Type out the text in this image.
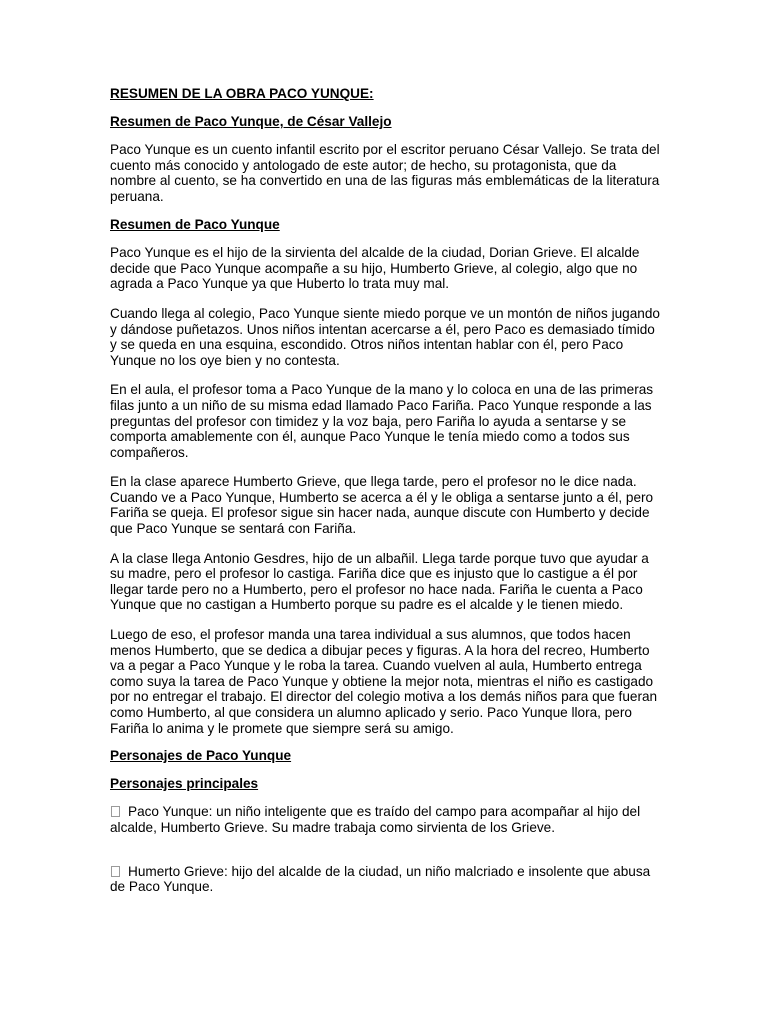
RESUMEN DE LA OBRA PACO YUNQUE:

Resumen de Paco Yunque, de César Vallejo

Paco Yunque es un cuento infantil escrito por el escritor peruano César Vallejo. Se trata del cuento más conocido y antologado de este autor; de hecho, su protagonista, que da nombre al cuento, se ha convertido en una de las figuras más emblemáticas de la literatura peruana.

Resumen de Paco Yunque

Paco Yunque es el hijo de la sirvienta del alcalde de la ciudad, Dorian Grieve. El alcalde decide que Paco Yunque acompañe a su hijo, Humberto Grieve, al colegio, algo que no agrada a Paco Yunque ya que Huberto lo trata muy mal.

Cuando llega al colegio, Paco Yunque siente miedo porque ve un montón de niños jugando y dándose puñetazos. Unos niños intentan acercarse a él, pero Paco es demasiado tímido y se queda en una esquina, escondido. Otros niños intentan hablar con él, pero Paco Yunque no los oye bien y no contesta.

En el aula, el profesor toma a Paco Yunque de la mano y lo coloca en una de las primeras filas junto a un niño de su misma edad llamado Paco Fariña. Paco Yunque responde a las preguntas del profesor con timidez y la voz baja, pero Fariña lo ayuda a sentarse y se comporta amablemente con él, aunque Paco Yunque le tenía miedo como a todos sus compañeros.

En la clase aparece Humberto Grieve, que llega tarde, pero el profesor no le dice nada. Cuando ve a Paco Yunque, Humberto se acerca a él y le obliga a sentarse junto a él, pero Fariña se queja. El profesor sigue sin hacer nada, aunque discute con Humberto y decide que Paco Yunque se sentará con Fariña.

A la clase llega Antonio Gesdres, hijo de un albañil. Llega tarde porque tuvo que ayudar a su madre, pero el profesor lo castiga. Fariña dice que es injusto que lo castigue a él por llegar tarde pero no a Humberto, pero el profesor no hace nada. Fariña le cuenta a Paco Yunque que no castigan a Humberto porque su padre es el alcalde y le tienen miedo.

Luego de eso, el profesor manda una tarea individual a sus alumnos, que todos hacen menos Humberto, que se dedica a dibujar peces y figuras. A la hora del recreo, Humberto va a pegar a Paco Yunque y le roba la tarea. Cuando vuelven al aula, Humberto entrega como suya la tarea de Paco Yunque y obtiene la mejor nota, mientras el niño es castigado por no entregar el trabajo. El director del colegio motiva a los demás niños para que fueran como Humberto, al que considera un alumno aplicado y serio. Paco Yunque llora, pero Fariña lo anima y le promete que siempre será su amigo.

Personajes de Paco Yunque

Personajes principales

Paco Yunque: un niño inteligente que es traído del campo para acompañar al hijo del alcalde, Humberto Grieve. Su madre trabaja como sirvienta de los Grieve.

Humerto Grieve: hijo del alcalde de la ciudad, un niño malcriado e insolente que abusa de Paco Yunque.
